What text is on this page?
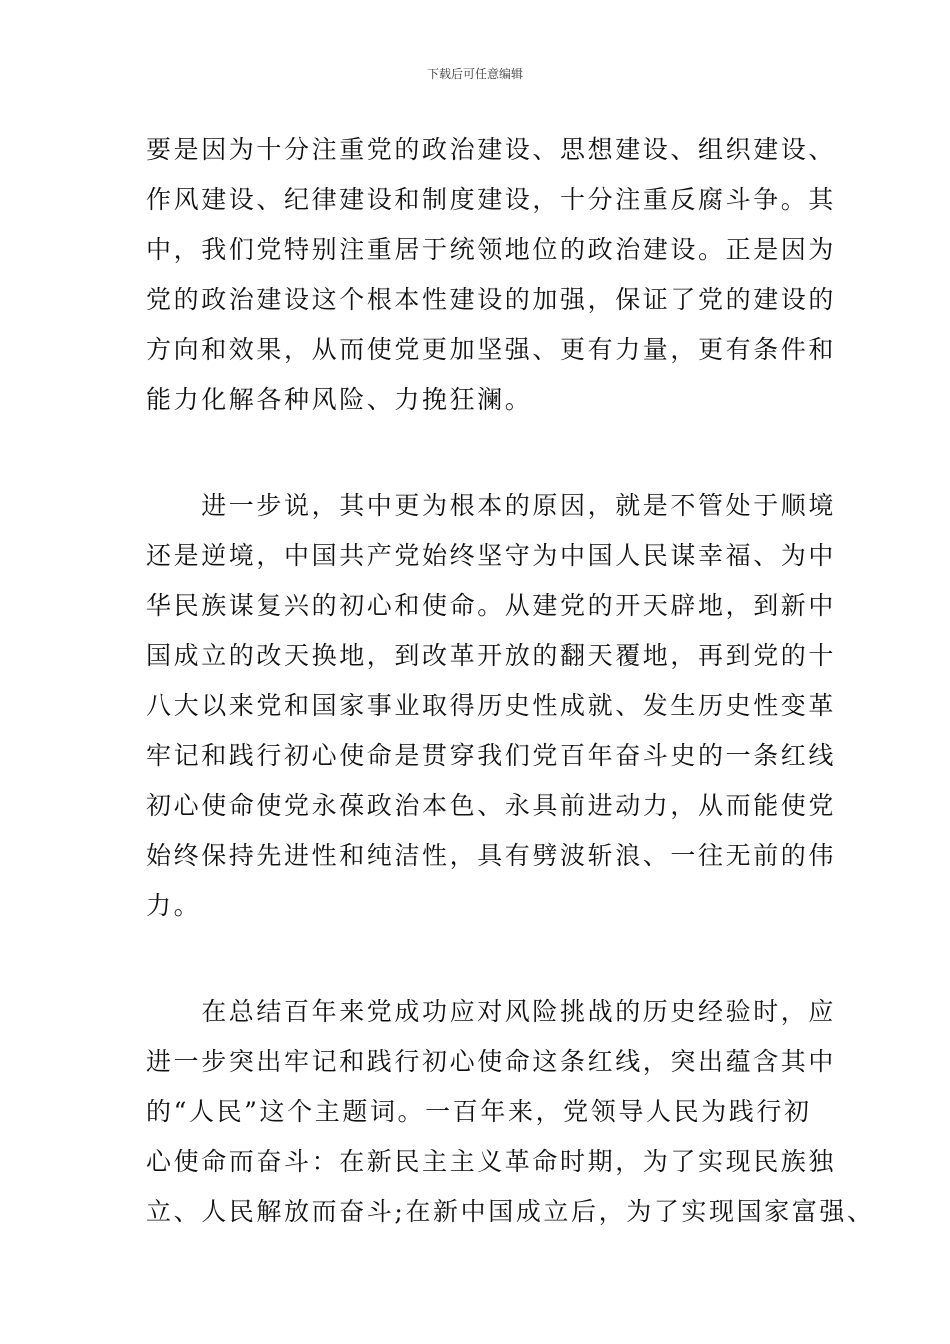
下载后可任意编辑
要是因为十分注重党的政治建设、思想建设、组织建设、
作风建设、纪律建设和制度建设，十分注重反腐斗争。其
中，我们党特别注重居于统领地位的政治建设。正是因为
党的政治建设这个根本性建设的加强，保证了党的建设的
方向和效果，从而使党更加坚强、更有力量，更有条件和
能力化解各种风险、力挽狂澜。
　　进一步说，其中更为根本的原因，就是不管处于顺境
还是逆境，中国共产党始终坚守为中国人民谋幸福、为中
华民族谋复兴的初心和使命。从建党的开天辟地，到新中
国成立的改天换地，到改革开放的翻天覆地，再到党的十
八大以来党和国家事业取得历史性成就、发生历史性变革
牢记和践行初心使命是贯穿我们党百年奋斗史的一条红线
初心使命使党永葆政治本色、永具前进动力，从而能使党
始终保持先进性和纯洁性，具有劈波斩浪、一往无前的伟
力。
　　在总结百年来党成功应对风险挑战的历史经验时，应
进一步突出牢记和践行初心使命这条红线，突出蕴含其中
的“人民”这个主题词。一百年来，党领导人民为践行初
心使命而奋斗：在新民主主义革命时期，为了实现民族独
立、人民解放而奋斗;在新中国成立后，为了实现国家富强、
